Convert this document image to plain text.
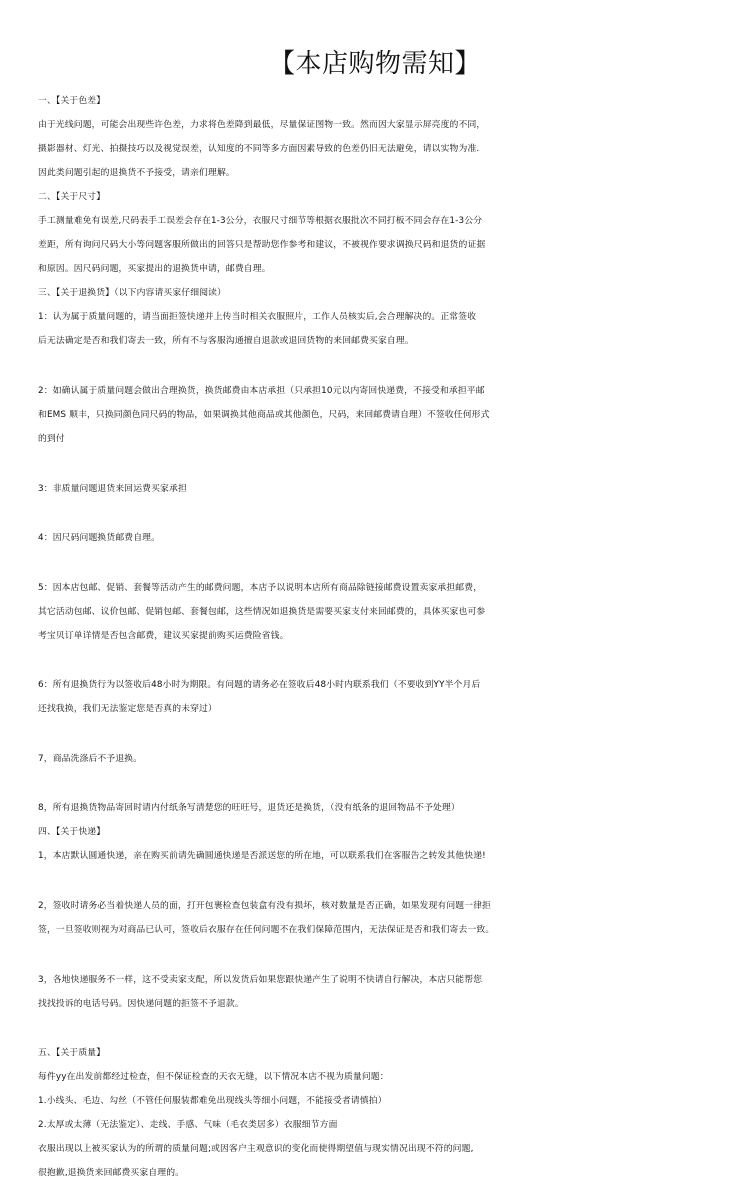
【本店购物需知】
一、【关于色差】
由于光线问题，可能会出现些许色差，力求将色差降到最低，尽量保证图物一致。然而因大家显示屏亮度的不同，
摄影器材、灯光、拍摄技巧以及视觉误差，认知度的不同等多方面因素导致的色差仍旧无法避免，请以实物为准.
因此类问题引起的退换货不予接受，请亲们理解。
二、【关于尺寸】
手工测量难免有误差,尺码表手工误差会存在1-3公分，衣服尺寸细节等根据衣服批次不同打板不同会存在1-3公分
差距，所有询问尺码大小等问题客服所做出的回答只是帮助您作参考和建议，不被视作要求调换尺码和退货的证据
和原因。因尺码问题，买家提出的退换货申请，邮费自理。
三、【关于退换货】（以下内容请买家仔细阅读）
1：认为属于质量问题的，请当面拒签快递并上传当时相关衣服照片，工作人员核实后,会合理解决的。正常签收
后无法确定是否和我们寄去一致，所有不与客服沟通擅自退款或退回货物的来回邮费买家自理。
2：如确认属于质量问题会做出合理换货，换货邮费由本店承担（只承担10元以内寄回快递费，不接受和承担平邮
和EMS 顺丰，只换同颜色同尺码的物品，如果调换其他商品或其他颜色，尺码，来回邮费请自理）不签收任何形式
的到付
3：非质量问题退货来回运费买家承担
4：因尺码问题换货邮费自理。
5：因本店包邮、促销、套餐等活动产生的邮费问题，本店予以说明本店所有商品除链接邮费设置卖家承担邮费，
其它活动包邮、议价包邮、促销包邮、套餐包邮，这些情况如退换货是需要买家支付来回邮费的，具体买家也可参
考宝贝订单详情是否包含邮费，建议买家提前购买运费险省钱。
6：所有退换货行为以签收后48小时为期限。有问题的请务必在签收后48小时内联系我们（不要收到YY半个月后
还找我换，我们无法鉴定您是否真的未穿过）
7，商品洗涤后不予退换。
8，所有退换货物品寄回时请内付纸条写清楚您的旺旺号，退货还是换货，（没有纸条的退回物品不予处理）
四、【关于快递】
1，本店默认圆通快递，亲在购买前请先确圆通快递是否派送您的所在地，可以联系我们在客服告之转发其他快递!
2，签收时请务必当着快递人员的面，打开包裹检查包装盒有没有损坏，核对数量是否正确，如果发现有问题一律拒
签，一旦签收则视为对商品已认可，签收后衣服存在任何问题不在我们保障范围内，无法保证是否和我们寄去一致。
3，各地快递服务不一样，这不受卖家支配，所以发货后如果您跟快递产生了说明不快请自行解决，本店只能帮您
找找投诉的电话号码。因快递问题的拒签不予退款。
五、【关于质量】
每件yy在出发前都经过检查，但不保证检查的天衣无缝，以下情况本店不视为质量问题：
1.小线头、毛边、勾丝（不管任何服装都难免出现线头等细小问题，不能接受者请慎拍）
2.太厚或太薄（无法鉴定）、走线、手感、气味（毛衣类居多）衣服细节方面
衣服出现以上被买家认为的所谓的质量问题;或因客户主观意识的变化而使得期望值与现实情况出现不符的问题,
很抱歉,退换货来回邮费买家自理的。
